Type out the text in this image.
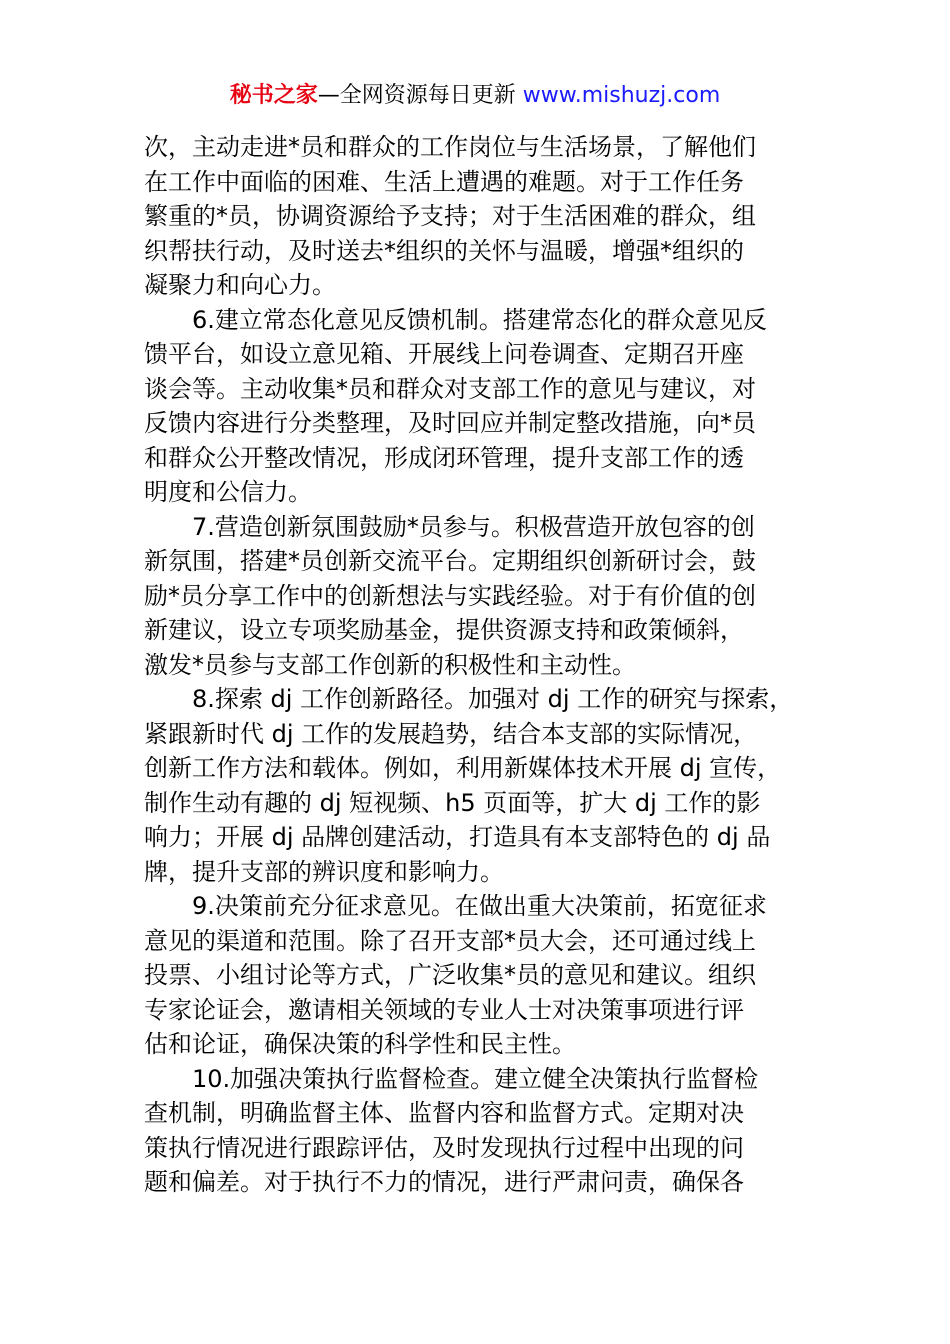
秘书之家—全网资源每日更新 www.mishuzj.com
次，主动走进*员和群众的工作岗位与生活场景，了解他们
在工作中面临的困难、生活上遭遇的难题。对于工作任务
繁重的*员，协调资源给予支持；对于生活困难的群众，组
织帮扶行动，及时送去*组织的关怀与温暖，增强*组织的
凝聚力和向心力。
6.建立常态化意见反馈机制。搭建常态化的群众意见反
馈平台，如设立意见箱、开展线上问卷调查、定期召开座
谈会等。主动收集*员和群众对支部工作的意见与建议，对
反馈内容进行分类整理，及时回应并制定整改措施，向*员
和群众公开整改情况，形成闭环管理，提升支部工作的透
明度和公信力。
7.营造创新氛围鼓励*员参与。积极营造开放包容的创
新氛围，搭建*员创新交流平台。定期组织创新研讨会，鼓
励*员分享工作中的创新想法与实践经验。对于有价值的创
新建议，设立专项奖励基金，提供资源支持和政策倾斜，
激发*员参与支部工作创新的积极性和主动性。
8.探索 dj 工作创新路径。加强对 dj 工作的研究与探索，
紧跟新时代 dj 工作的发展趋势，结合本支部的实际情况，
创新工作方法和载体。例如，利用新媒体技术开展 dj 宣传，
制作生动有趣的 dj 短视频、h5 页面等，扩大 dj 工作的影
响力；开展 dj 品牌创建活动，打造具有本支部特色的 dj 品
牌，提升支部的辨识度和影响力。
9.决策前充分征求意见。在做出重大决策前，拓宽征求
意见的渠道和范围。除了召开支部*员大会，还可通过线上
投票、小组讨论等方式，广泛收集*员的意见和建议。组织
专家论证会，邀请相关领域的专业人士对决策事项进行评
估和论证，确保决策的科学性和民主性。
10.加强决策执行监督检查。建立健全决策执行监督检
查机制，明确监督主体、监督内容和监督方式。定期对决
策执行情况进行跟踪评估，及时发现执行过程中出现的问
题和偏差。对于执行不力的情况，进行严肃问责，确保各
